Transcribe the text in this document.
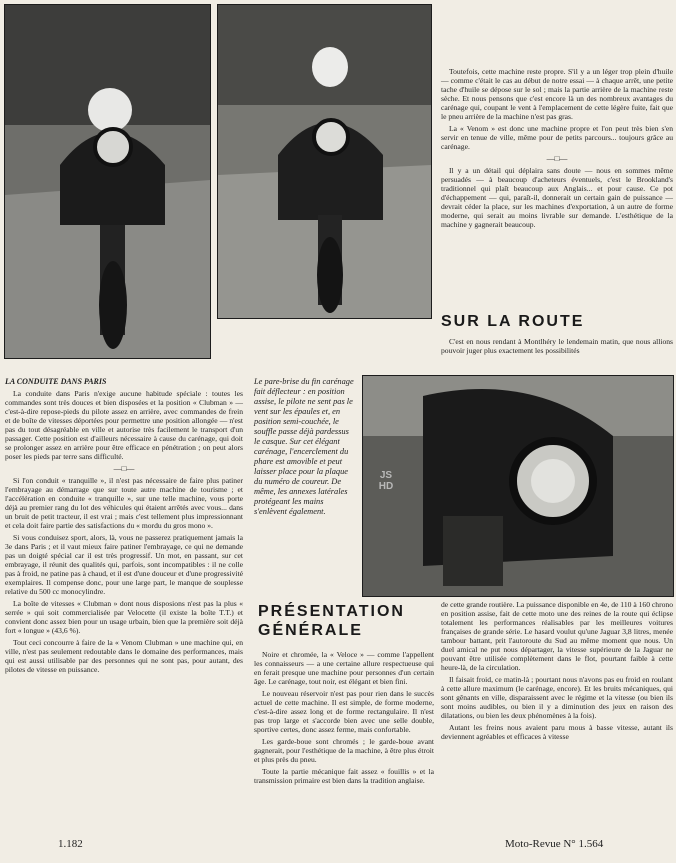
JS HD

Toutefois, cette machine reste propre. S'il y a un léger trop plein d'huile — comme c'était le cas au début de notre essai — à chaque arrêt, une petite tache d'huile se dépose sur le sol ; mais la partie arrière de la machine reste sèche. Et nous pensons que c'est encore là un des nombreux avantages du carénage qui, coupant le vent à l'emplacement de cette légère fuite, fait que le pneu arrière de la machine n'est pas gras.

La « Venom » est donc une machine propre et l'on peut très bien s'en servir en tenue de ville, même pour de petits parcours... toujours grâce au carénage.

—□—

Il y a un détail qui déplaira sans doute — nous en sommes même persuadés — à beaucoup d'acheteurs éventuels, c'est le Brookland's traditionnel qui plaît beaucoup aux Anglais... et pour cause. Ce pot d'échappement — qui, paraît-il, donnerait un certain gain de puissance — devrait céder la place, sur les machines d'exportation, à un autre de forme moderne, qui serait au moins livrable sur demande. L'esthétique de la machine y gagnerait beaucoup.

SUR LA ROUTE

C'est en nous rendant à Montlhéry le lendemain matin, que nous allions pouvoir juger plus exactement les possibilités

LA CONDUITE DANS PARIS

La conduite dans Paris n'exige aucune habitude spéciale : toutes les commandes sont très douces et bien disposées et la position « Clubman » — c'est-à-dire repose-pieds du pilote assez en arrière, avec commandes de frein et de boîte de vitesses déportées pour permettre une position allongée — n'est pas du tout désagréable en ville et autorise très facilement le transport d'un passager. Cette position est d'ailleurs nécessaire à cause du carénage, qui doit se prolonger assez en arrière pour être efficace en pénétration ; on peut alors poser les pieds par terre sans difficulté.

—□—

Si l'on conduit « tranquille », il n'est pas nécessaire de faire plus patiner l'embrayage au démarrage que sur toute autre machine de tourisme ; et l'accélération en conduite « tranquille », sur une telle machine, vous porte déjà au premier rang du lot des véhicules qui étaient arrêtés avec vous... dans un bruit de petit tracteur, il est vrai ; mais c'est tellement plus impressionnant et cela doit faire partie des satisfactions du « mordu du gros mono ».

Si vous conduisez sport, alors, là, vous ne passerez pratiquement jamais la 3e dans Paris ; et il vaut mieux faire patiner l'embrayage, ce qui ne demande pas un doigté spécial car il est très progressif. Un mot, en passant, sur cet embrayage, il réunit des qualités qui, parfois, sont incompatibles : il ne colle pas à froid, ne patine pas à chaud, et il est d'une douceur et d'une progressivité exemplaires. Il compense donc, pour une large part, le manque de souplesse relative du 500 cc monocylindre.

La boîte de vitesses « Clubman » dont nous disposions n'est pas la plus « serrée » qui soit commercialisée par Velocette (il existe la boîte T.T.) et convient donc assez bien pour un usage urbain, bien que la première soit déjà fort « longue » (43,6 %).

Tout ceci concourre à faire de la « Venom Clubman » une machine qui, en ville, n'est pas seulement redoutable dans le domaine des performances, mais qui est aussi utilisable par des personnes qui ne sont pas, pour autant, des pilotes de vitesse en puissance.

Le pare-brise du fin carénage fait déflecteur : en position assise, le pilote ne sent pas le vent sur les épaules et, en position semi-couchée, le souffle passe déjà pardessus le casque. Sur cet élégant carénage, l'encerclement du phare est amovible et peut laisser place pour la plaque du numéro de coureur. De même, les annexes latérales protégeant les mains s'enlèvent également.

PRÉSENTATION
GÉNÉRALE

Noire et chromée, la « Veloce » — comme l'appellent les connaisseurs — a une certaine allure respectueuse qui en ferait presque une machine pour personnes d'un certain âge. Le carénage, tout noir, est élégant et bien fini.

Le nouveau réservoir n'est pas pour rien dans le succès actuel de cette machine. Il est simple, de forme moderne, c'est-à-dire assez long et de forme rectangulaire. Il n'est pas trop large et s'accorde bien avec une selle double, sportive certes, donc assez ferme, mais confortable.

Les garde-boue sont chromés ; le garde-boue avant gagnerait, pour l'esthétique de la machine, à être plus étroit et plus près du pneu.

Toute la partie mécanique fait assez « fouillis » et la transmission primaire est bien dans la tradition anglaise.

de cette grande routière. La puissance disponible en 4e, de 110 à 160 chrono en position assise, fait de cette moto une des reines de la route qui éclipse totalement les performances réalisables par les meilleures voitures françaises de grande série. Le hasard voulut qu'une Jaguar 3,8 litres, menée tambour battant, prit l'autoroute du Sud au même moment que nous. Un duel amical ne put nous départager, la vitesse supérieure de la Jaguar ne pouvant être utilisée complètement dans le flot, pourtant faible à cette heure-là, de la circulation.

Il faisait froid, ce matin-là ; pourtant nous n'avons pas eu froid en roulant à cette allure maximum (le carénage, encore). Et les bruits mécaniques, qui sont gênants en ville, disparaissent avec le régime et la vitesse (ou bien ils sont moins audibles, ou bien il y a diminution des jeux en raison des dilatations, ou bien les deux phénomènes à la fois).

Autant les freins nous avaient paru mous à basse vitesse, autant ils deviennent agréables et efficaces à vitesse

1.182	Moto-Revue N° 1.564
